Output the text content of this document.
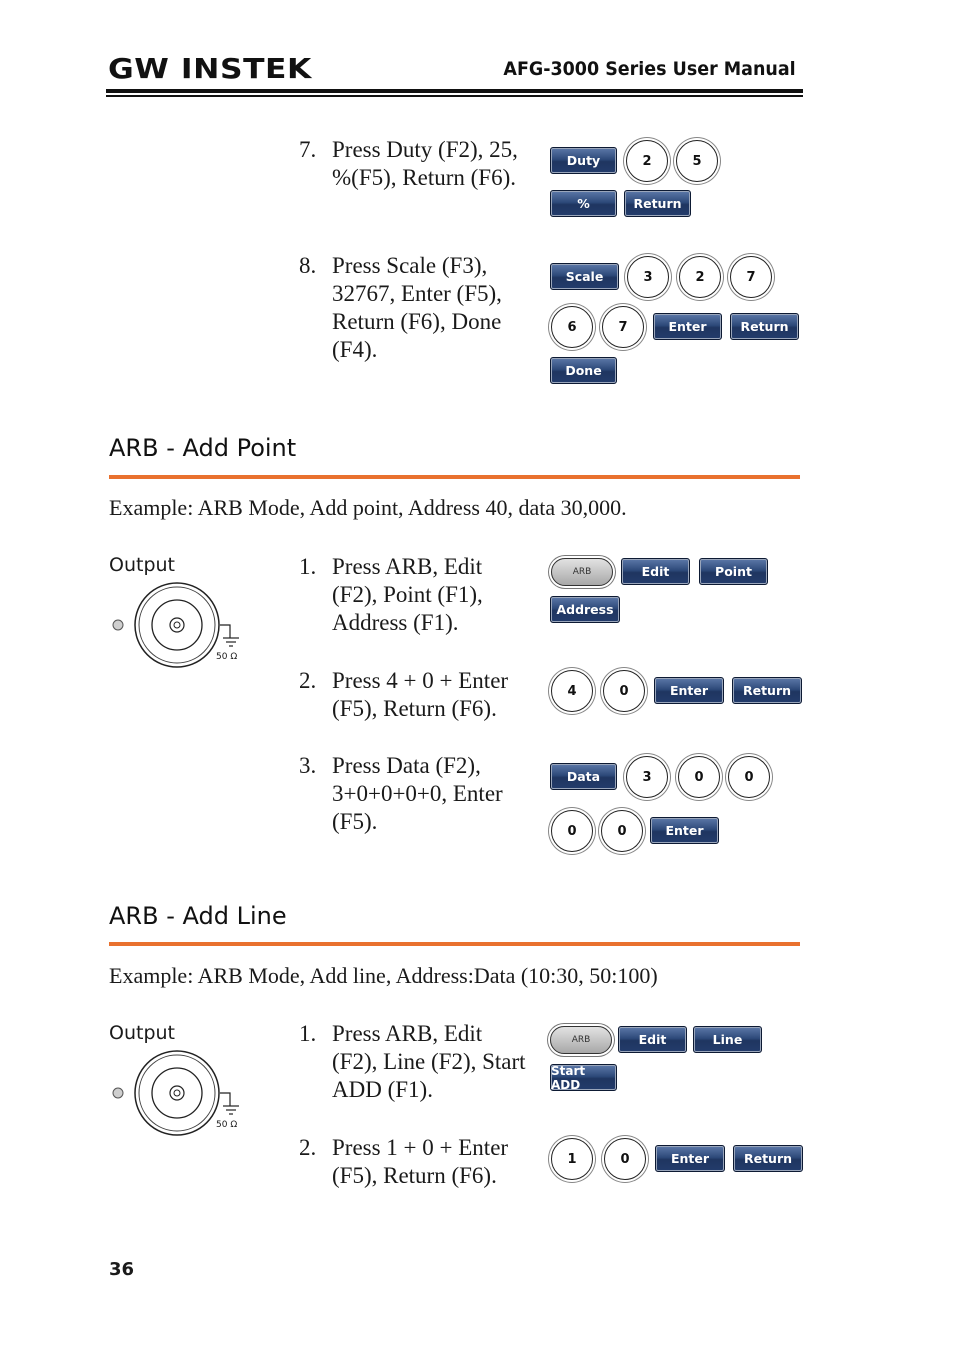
GW INSTEK	AFG-3000 Series User Manual
7. Press Duty (F2), 25,
%(F5), Return (F6).
Duty	2	5
%	Return
8. Press Scale (F3),
32767, Enter (F5),
Return (F6), Done
(F4).
Scale	3	2	7
6	7	Enter	Return
Done
ARB - Add Point
Example: ARB Mode, Add point, Address 40, data 30,000.
Output
50 Ω
1. Press ARB, Edit
(F2), Point (F1),
Address (F1).
ARB	Edit	Point
Address
2. Press 4 + 0 + Enter
(F5), Return (F6).
4	0	Enter	Return
3. Press Data (F2),
3+0+0+0+0, Enter
(F5).
Data	3	0	0
0	0	Enter
ARB - Add Line
Example: ARB Mode, Add line, Address:Data (10:30, 50:100)
Output
50 Ω
1. Press ARB, Edit
(F2), Line (F2), Start
ADD (F1).
ARB	Edit	Line
Start ADD
2. Press 1 + 0 + Enter
(F5), Return (F6).
1	0	Enter	Return
36
